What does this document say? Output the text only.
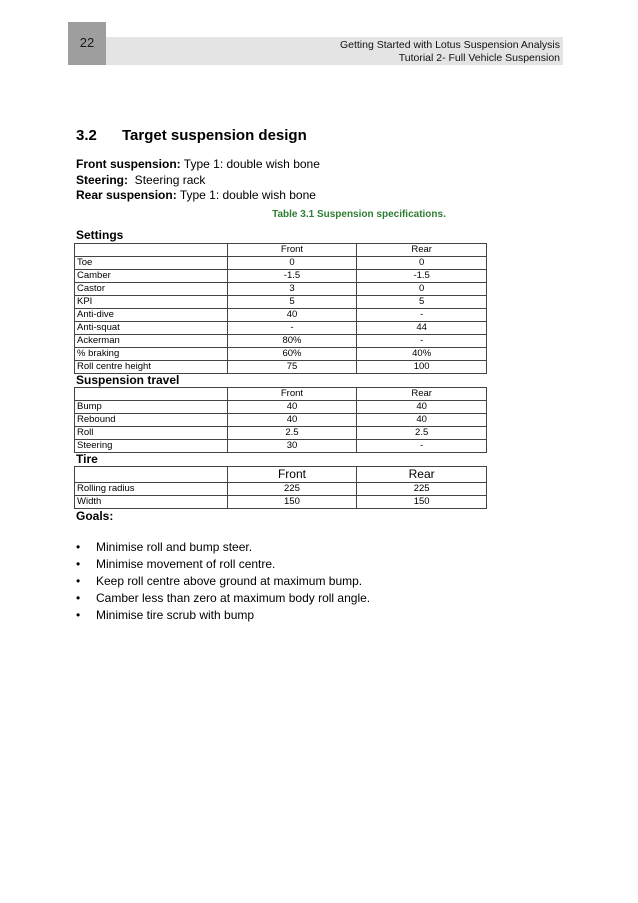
22	Getting Started with Lotus Suspension Analysis
Tutorial 2- Full Vehicle Suspension
3.2 Target suspension design
Front suspension: Type 1: double wish bone
Steering:  Steering rack
Rear suspension: Type 1: double wish bone
Table 3.1 Suspension specifications.
Settings
	Front	Rear
Toe	0	0
Camber	-1.5	-1.5
Castor	3	0
KPI	5	5
Anti-dive	40	-
Anti-squat	-	44
Ackerman	80%	-
% braking	60%	40%
Roll centre height	75	100
Suspension travel
	Front	Rear
Bump	40	40
Rebound	40	40
Roll	2.5	2.5
Steering	30	-
Tire
	Front	Rear
Rolling radius	225	225
Width	150	150
Goals:
•	Minimise roll and bump steer.
•	Minimise movement of roll centre.
•	Keep roll centre above ground at maximum bump.
•	Camber less than zero at maximum body roll angle.
•	Minimise tire scrub with bump
